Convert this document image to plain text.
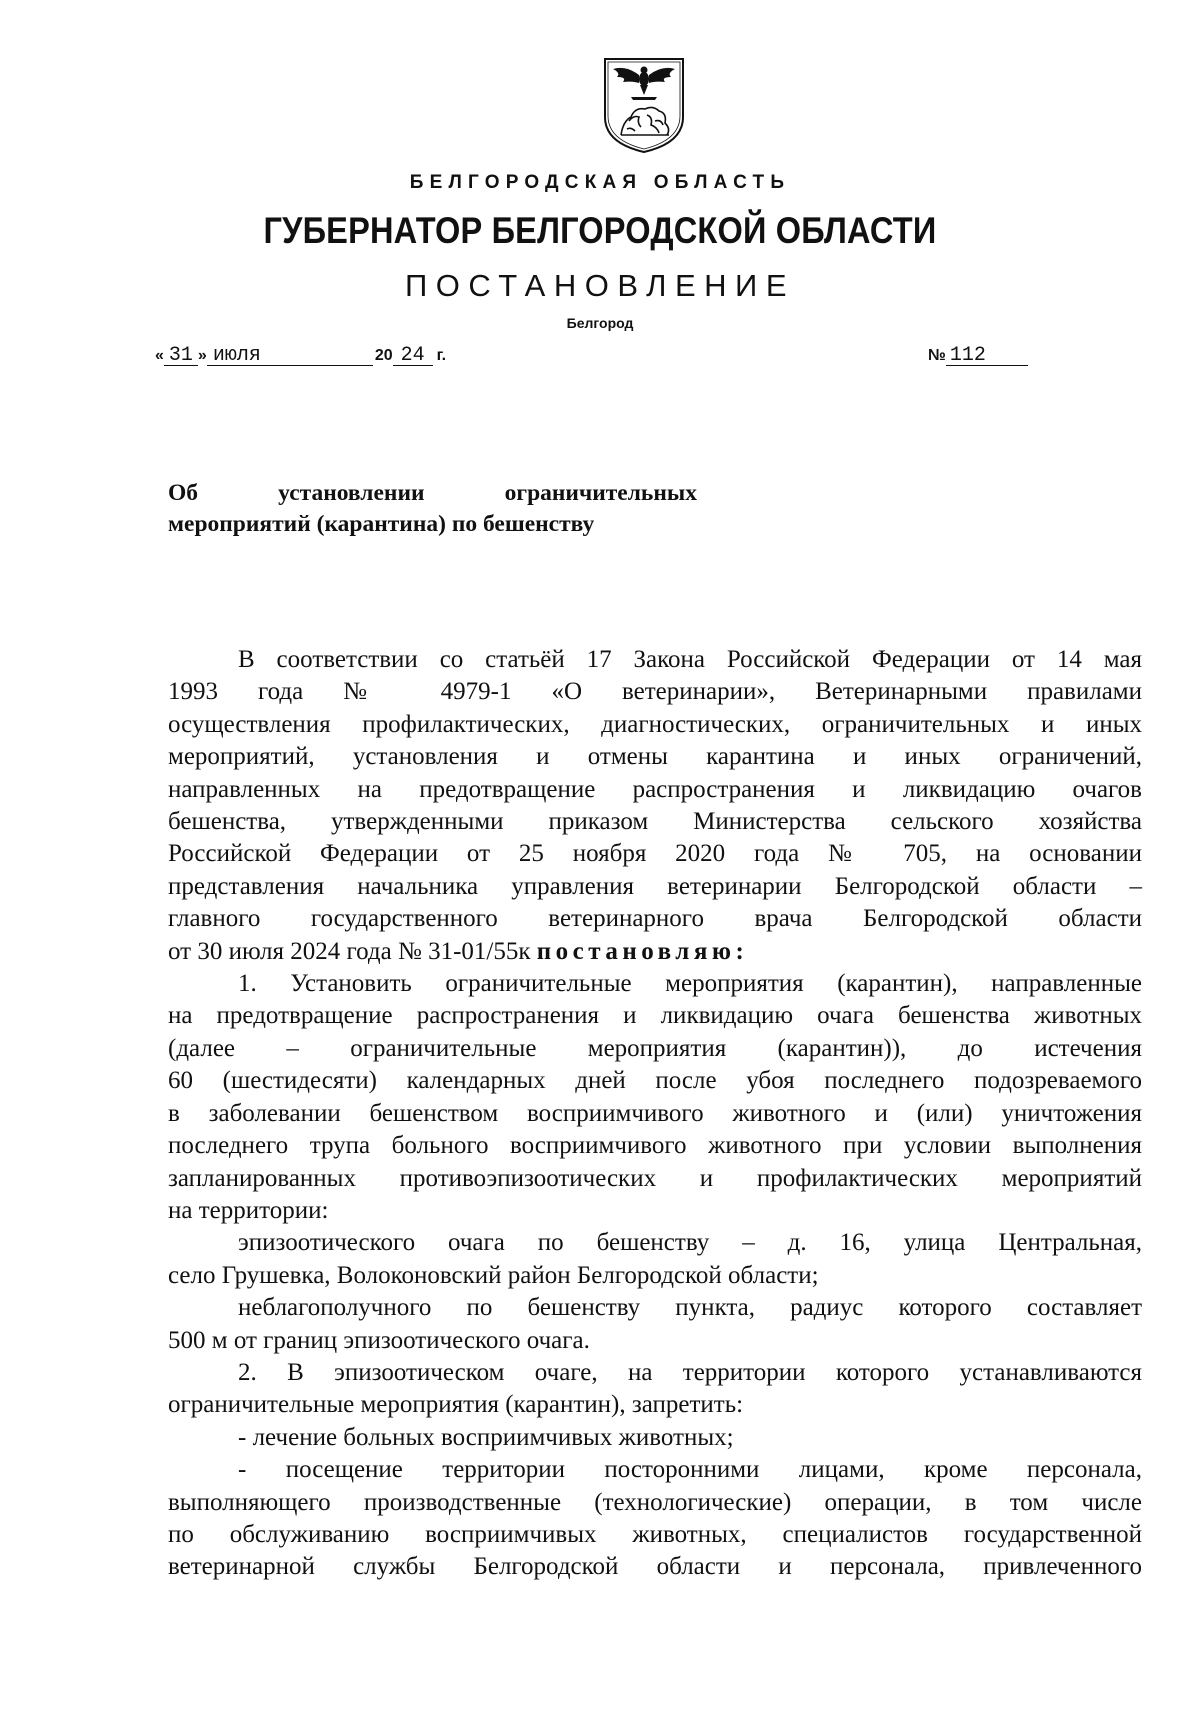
БЕЛГОРОДСКАЯ ОБЛАСТЬ
ГУБЕРНАТОР БЕЛГОРОДСКОЙ ОБЛАСТИ
ПОСТАНОВЛЕНИЕ
Белгород
« 31 » июля	20 24 г.	№ 112
Об установлении ограничительных
мероприятий (карантина) по бешенству
В соответствии со статьёй 17 Закона Российской Федерации от 14 мая
1993 года № 4979-1 «О ветеринарии», Ветеринарными правилами
осуществления профилактических, диагностических, ограничительных и иных
мероприятий, установления и отмены карантина и иных ограничений,
направленных на предотвращение распространения и ликвидацию очагов
бешенства, утвержденными приказом Министерства сельского хозяйства
Российской Федерации от 25 ноября 2020 года № 705, на основании
представления начальника управления ветеринарии Белгородской области –
главного государственного ветеринарного врача Белгородской области
от 30 июля 2024 года № 31-01/55к постановляю:
1. Установить ограничительные мероприятия (карантин), направленные
на предотвращение распространения и ликвидацию очага бешенства животных
(далее – ограничительные мероприятия (карантин)), до истечения
60 (шестидесяти) календарных дней после убоя последнего подозреваемого
в заболевании бешенством восприимчивого животного и (или) уничтожения
последнего трупа больного восприимчивого животного при условии выполнения
запланированных противоэпизоотических и профилактических мероприятий
на территории:
эпизоотического очага по бешенству – д. 16, улица Центральная,
село Грушевка, Волоконовский район Белгородской области;
неблагополучного по бешенству пункта, радиус которого составляет
500 м от границ эпизоотического очага.
2. В эпизоотическом очаге, на территории которого устанавливаются
ограничительные мероприятия (карантин), запретить:
- лечение больных восприимчивых животных;
- посещение территории посторонними лицами, кроме персонала,
выполняющего производственные (технологические) операции, в том числе
по обслуживанию восприимчивых животных, специалистов государственной
ветеринарной службы Белгородской области и персонала, привлеченного
